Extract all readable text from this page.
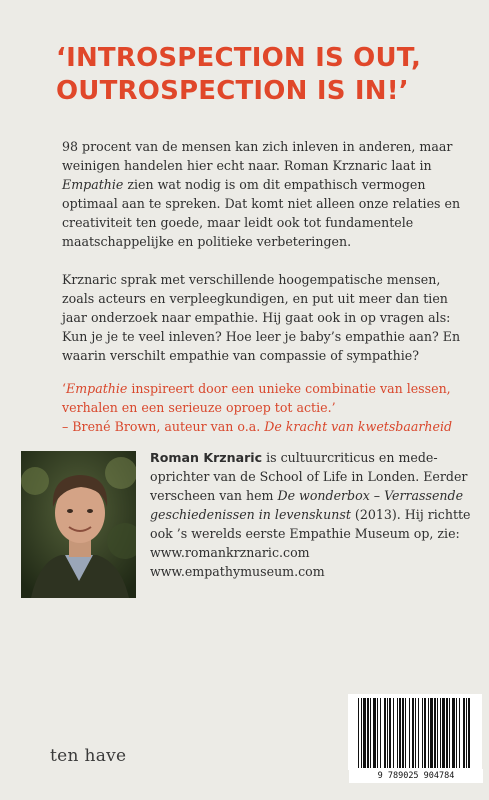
‘INTROSPECTION IS OUT,
OUTROSPECTION IS IN!’
98 procent van de mensen kan zich inleven in anderen, maar weinigen handelen hier echt naar. Roman Krznaric laat in Empathie zien wat nodig is om dit empathisch vermogen optimaal aan te spreken. Dat komt niet alleen onze relaties en creativiteit ten goede, maar leidt ook tot fundamentele maatschappelijke en politieke verbeteringen.
Krznaric sprak met verschillende hoogempatische mensen, zoals acteurs en verpleegkundigen, en put uit meer dan tien jaar onderzoek naar empathie. Hij gaat ook in op vragen als: Kun je je te veel inleven? Hoe leer je baby’s empathie aan? En waarin verschilt empathie van compassie of sympathie?
‘Empathie inspireert door een unieke combinatie van lessen, verhalen en een serieuze oproep tot actie.’
– Brené Brown, auteur van o.a. De kracht van kwetsbaarheid
Roman Krznaric is cultuurcriticus en mede-oprichter van de School of Life in Londen. Eerder verscheen van hem De wonderbox – Verrassende geschiedenissen in levenskunst (2013). Hij richtte ook ’s werelds eerste Empathie Museum op, zie:
www.romankrznaric.com
www.empathymuseum.com
ten have
9 789025 904784
